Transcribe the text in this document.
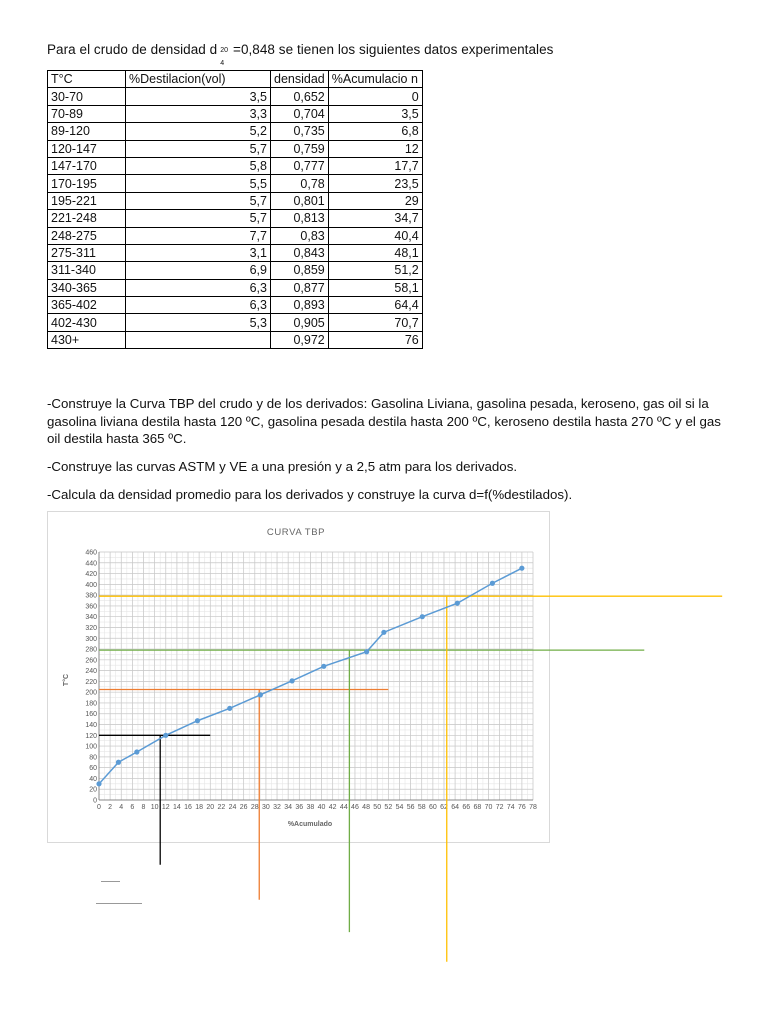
Para el crudo de densidad d 20
4
=0,848 se tienen los siguientes datos experimentales
T°C	%Destilacion(vol)	densidad	%Acumulacio n
30-70	3,5	0,652	0
70-89	3,3	0,704	3,5
89-120	5,2	0,735	6,8
120-147	5,7	0,759	12
147-170	5,8	0,777	17,7
170-195	5,5	0,78	23,5
195-221	5,7	0,801	29
221-248	5,7	0,813	34,7
248-275	7,7	0,83	40,4
275-311	3,1	0,843	48,1
311-340	6,9	0,859	51,2
340-365	6,3	0,877	58,1
365-402	6,3	0,893	64,4
402-430	5,3	0,905	70,7
430+		0,972	76
-Construye la Curva TBP del crudo y de los derivados: Gasolina Liviana, gasolina pesada, keroseno, gas oil si la gasolina liviana destila hasta 120 ºC, gasolina pesada destila hasta 200 ºC, keroseno destila hasta 270 ºC y el gas oil destila hasta 365 ºC.
-Construye las curvas ASTM y VE a una presión y a 2,5 atm para los derivados.
-Calcula da densidad promedio para los derivados y construye la curva d=f(%destilados).
0 2 4 6 8 10 12 14 16 18 20 22 24 26 28 30 32 34 36 38 40 42 44 46 48 50 52 54 56 58 60 62 64 66 68 70 72 74 76 78
0
20
40
60
80
100
120
140
160
180
200
220
240
260
280
300
320
340
360
380
400
420
440
460
CURVA TBP
%Acumulado
T°C
